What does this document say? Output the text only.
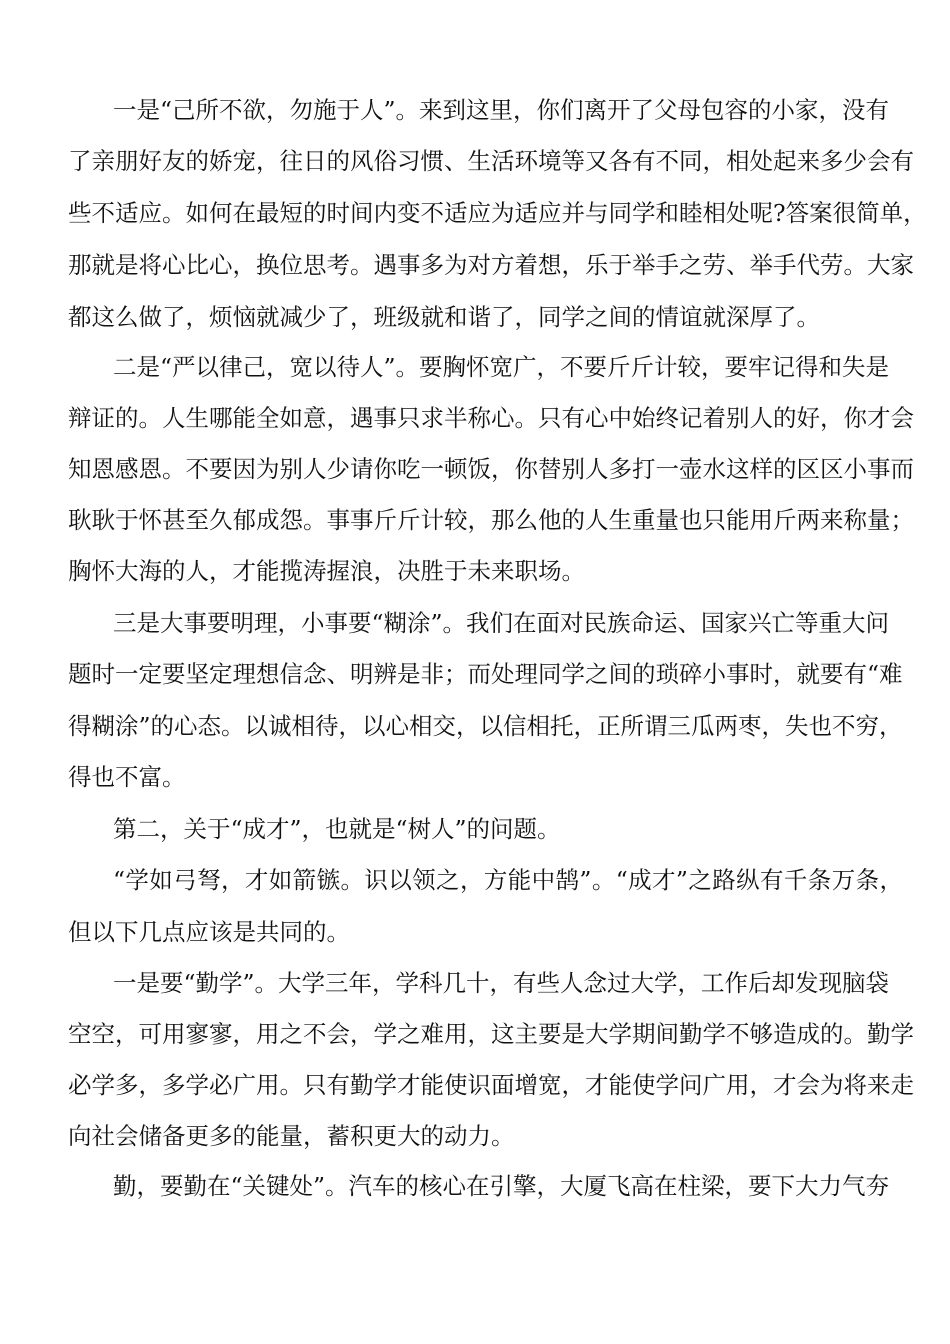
一是“己所不欲，勿施于人”。来到这里，你们离开了父母包容的小家，没有

了亲朋好友的娇宠，往日的风俗习惯、生活环境等又各有不同，相处起来多少会有

些不适应。如何在最短的时间内变不适应为适应并与同学和睦相处呢?答案很简单，

那就是将心比心，换位思考。遇事多为对方着想，乐于举手之劳、举手代劳。大家

都这么做了，烦恼就减少了，班级就和谐了，同学之间的情谊就深厚了。

二是“严以律己，宽以待人”。要胸怀宽广，不要斤斤计较，要牢记得和失是

辩证的。人生哪能全如意，遇事只求半称心。只有心中始终记着别人的好，你才会

知恩感恩。不要因为别人少请你吃一顿饭，你替别人多打一壶水这样的区区小事而

耿耿于怀甚至久郁成怨。事事斤斤计较，那么他的人生重量也只能用斤两来称量；

胸怀大海的人，才能揽涛握浪，决胜于未来职场。

三是大事要明理，小事要“糊涂”。我们在面对民族命运、国家兴亡等重大问

题时一定要坚定理想信念、明辨是非；而处理同学之间的琐碎小事时，就要有“难

得糊涂”的心态。以诚相待，以心相交，以信相托，正所谓三瓜两枣，失也不穷，

得也不富。

第二，关于“成才”，也就是“树人”的问题。

“学如弓弩，才如箭镞。识以领之，方能中鹄”。“成才”之路纵有千条万条，

但以下几点应该是共同的。

一是要“勤学”。大学三年，学科几十，有些人念过大学，工作后却发现脑袋

空空，可用寥寥，用之不会，学之难用，这主要是大学期间勤学不够造成的。勤学

必学多，多学必广用。只有勤学才能使识面增宽，才能使学问广用，才会为将来走

向社会储备更多的能量，蓄积更大的动力。

勤，要勤在“关键处”。汽车的核心在引擎，大厦飞高在柱梁，要下大力气夯
